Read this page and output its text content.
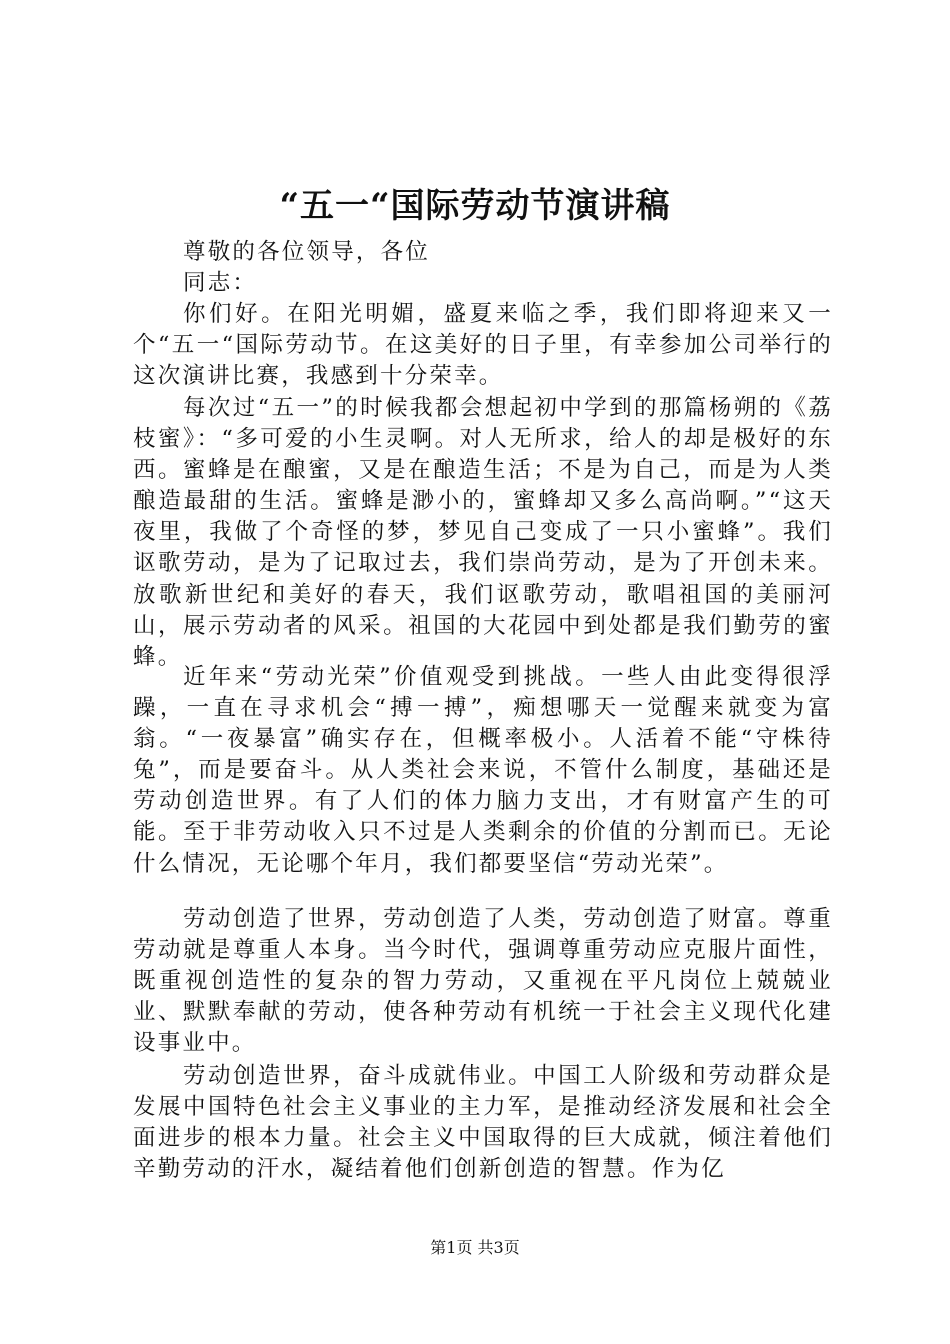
“五一“国际劳动节演讲稿

尊敬的各位领导，各位

同志：

你们好。在阳光明媚，盛夏来临之季，我们即将迎来又一个“五一“国际劳动节。在这美好的日子里，有幸参加公司举行的这次演讲比赛，我感到十分荣幸。

每次过“五一”的时候我都会想起初中学到的那篇杨朔的《荔枝蜜》：“多可爱的小生灵啊。对人无所求，给人的却是极好的东西。蜜蜂是在酿蜜，又是在酿造生活；不是为自己，而是为人类酿造最甜的生活。蜜蜂是渺小的，蜜蜂却又多么高尚啊。”“这天夜里，我做了个奇怪的梦，梦见自己变成了一只小蜜蜂”。我们讴歌劳动，是为了记取过去，我们崇尚劳动，是为了开创未来。放歌新世纪和美好的春天，我们讴歌劳动，歌唱祖国的美丽河山，展示劳动者的风采。祖国的大花园中到处都是我们勤劳的蜜蜂。

近年来“劳动光荣”价值观受到挑战。一些人由此变得很浮躁，一直在寻求机会“搏一搏”，痴想哪天一觉醒来就变为富翁。“一夜暴富”确实存在，但概率极小。人活着不能“守株待兔”，而是要奋斗。从人类社会来说，不管什么制度，基础还是劳动创造世界。有了人们的体力脑力支出，才有财富产生的可能。至于非劳动收入只不过是人类剩余的价值的分割而已。无论什么情况，无论哪个年月，我们都要坚信“劳动光荣”。

劳动创造了世界，劳动创造了人类，劳动创造了财富。尊重劳动就是尊重人本身。当今时代，强调尊重劳动应克服片面性，既重视创造性的复杂的智力劳动，又重视在平凡岗位上兢兢业业、默默奉献的劳动，使各种劳动有机统一于社会主义现代化建设事业中。

劳动创造世界，奋斗成就伟业。中国工人阶级和劳动群众是发展中国特色社会主义事业的主力军，是推动经济发展和社会全面进步的根本力量。社会主义中国取得的巨大成就，倾注着他们辛勤劳动的汗水，凝结着他们创新创造的智慧。作为亿

第1页 共3页
